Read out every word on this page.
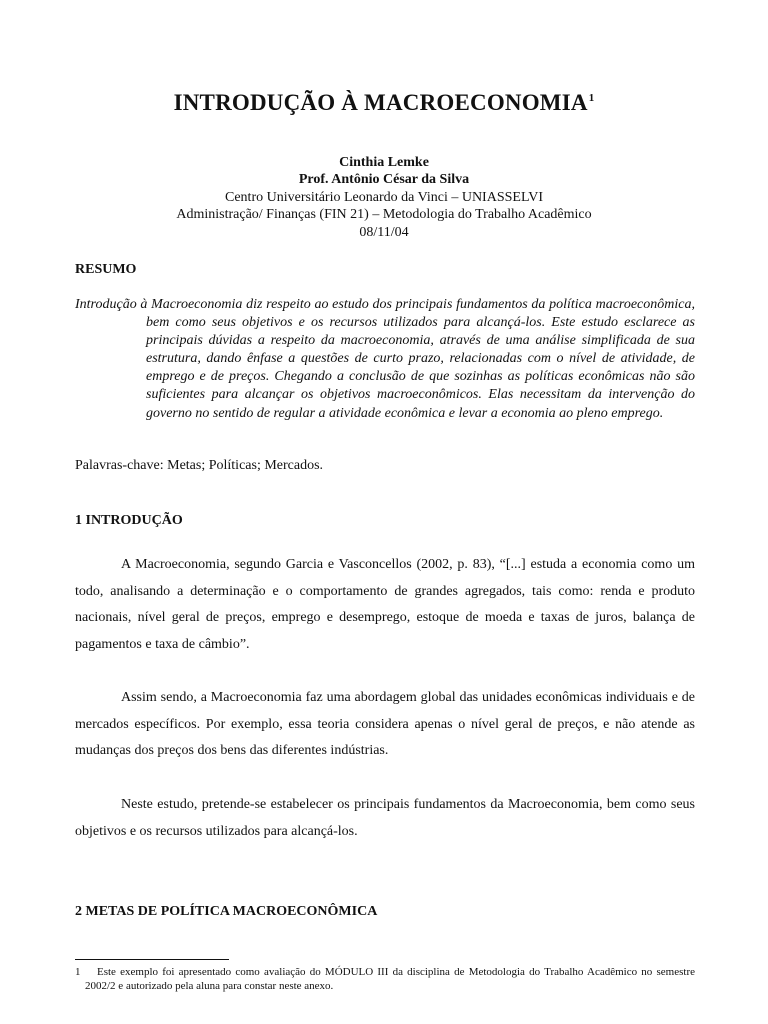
INTRODUÇÃO À MACROECONOMIA$^1$
Cinthia Lemke
Prof. Antônio César da Silva
Centro Universitário Leonardo da Vinci – UNIASSELVI
Administração/ Finanças (FIN 21) – Metodologia do Trabalho Acadêmico
08/11/04
RESUMO
Introdução à Macroeconomia diz respeito ao estudo dos principais fundamentos da política macroeconômica, bem como seus objetivos e os recursos utilizados para alcançá-los. Este estudo esclarece as principais dúvidas a respeito da macroeconomia, através de uma análise simplificada de sua estrutura, dando ênfase a questões de curto prazo, relacionadas com o nível de atividade, de emprego e de preços. Chegando a conclusão de que sozinhas as políticas econômicas não são suficientes para alcançar os objetivos macroeconômicos. Elas necessitam da intervenção do governo no sentido de regular a atividade econômica e levar a economia ao pleno emprego.
Palavras-chave: Metas; Políticas; Mercados.
1 INTRODUÇÃO
A Macroeconomia, segundo Garcia e Vasconcellos (2002, p. 83), “[...] estuda a economia como um todo, analisando a determinação e o comportamento de grandes agregados, tais como: renda e produto nacionais, nível geral de preços, emprego e desemprego, estoque de moeda e taxas de juros, balança de pagamentos e taxa de câmbio”.
Assim sendo, a Macroeconomia faz uma abordagem global das unidades econômicas individuais e de mercados específicos. Por exemplo, essa teoria considera apenas o nível geral de preços, e não atende as mudanças dos preços dos bens das diferentes indústrias.
Neste estudo, pretende-se estabelecer os principais fundamentos da Macroeconomia, bem como seus objetivos e os recursos utilizados para alcançá-los.
2 METAS DE POLÍTICA MACROECONÔMICA
1 Este exemplo foi apresentado como avaliação do MÓDULO III da disciplina de Metodologia do Trabalho Acadêmico no semestre 2002/2 e autorizado pela aluna para constar neste anexo.
